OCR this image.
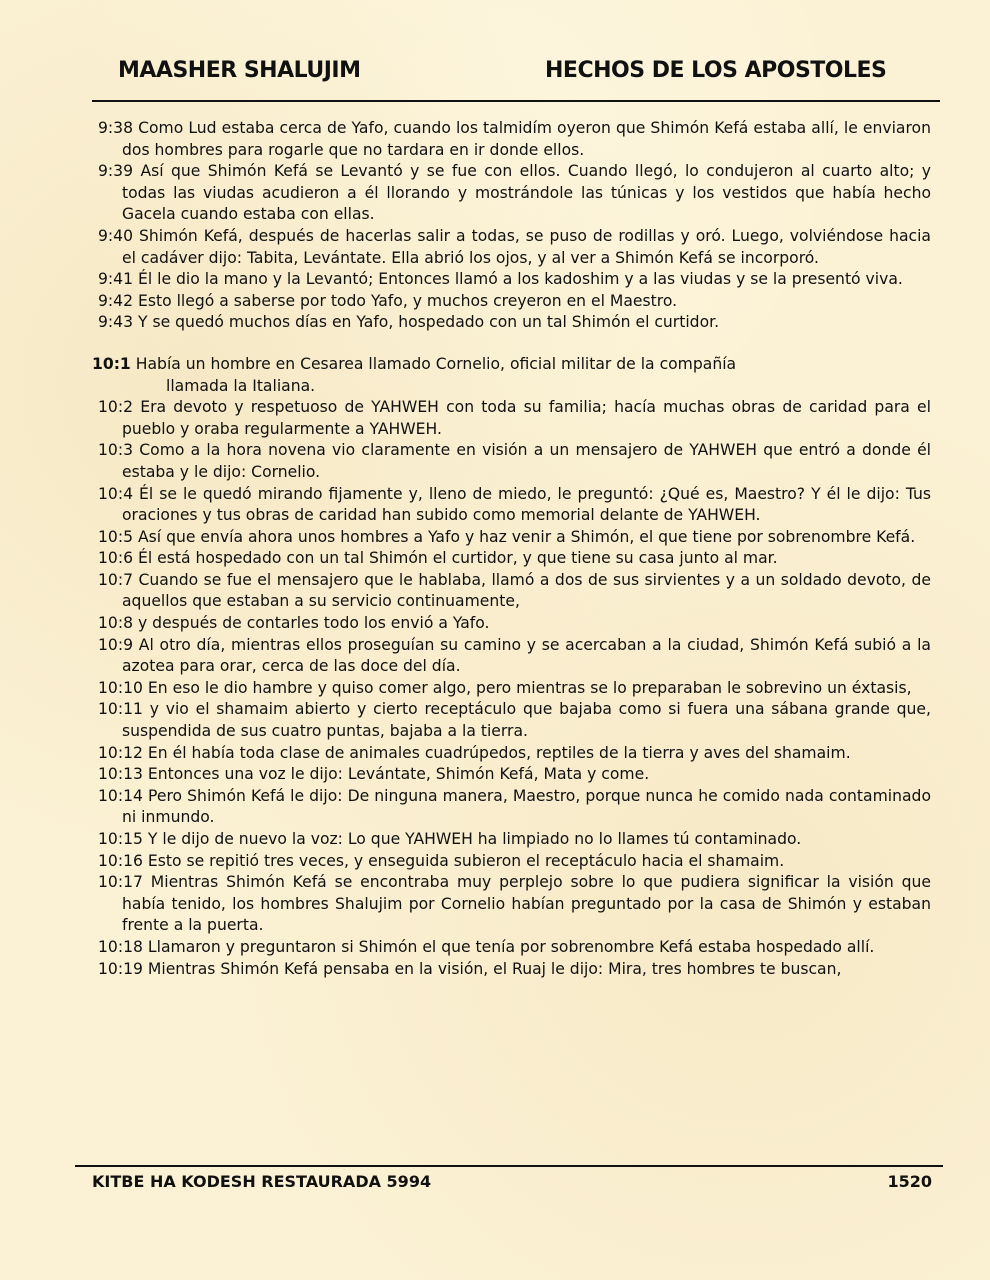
MAASHER SHALUJIM	HECHOS DE LOS APOSTOLES
9:38 Como Lud estaba cerca de Yafo, cuando los talmidím oyeron que Shimón Kefá estaba allí, le enviaron dos hombres para rogarle que no tardara en ir donde ellos.
9:39 Así que Shimón Kefá se Levantó y se fue con ellos. Cuando llegó, lo condujeron al cuarto alto; y todas las viudas acudieron a él llorando y mostrándole las túnicas y los vestidos que había hecho Gacela cuando estaba con ellas.
9:40 Shimón Kefá, después de hacerlas salir a todas, se puso de rodillas y oró. Luego, volviéndose hacia el cadáver dijo: Tabita, Levántate. Ella abrió los ojos, y al ver a Shimón Kefá se incorporó.
9:41 Él le dio la mano y la Levantó; Entonces llamó a los kadoshim y a las viudas y se la presentó viva.
9:42 Esto llegó a saberse por todo Yafo, y muchos creyeron en el Maestro.
9:43 Y se quedó muchos días en Yafo, hospedado con un tal Shimón el curtidor.
10:1 Había un hombre en Cesarea llamado Cornelio, oficial militar de la compañía
llamada la Italiana.
10:2 Era devoto y respetuoso de YAHWEH con toda su familia; hacía muchas obras de caridad para el pueblo y oraba regularmente a YAHWEH.
10:3 Como a la hora novena vio claramente en visión a un mensajero de YAHWEH que entró a donde él estaba y le dijo: Cornelio.
10:4 Él se le quedó mirando fijamente y, lleno de miedo, le preguntó: ¿Qué es, Maestro? Y él le dijo: Tus oraciones y tus obras de caridad han subido como memorial delante de YAHWEH.
10:5 Así que envía ahora unos hombres a Yafo y haz venir a Shimón, el que tiene por sobrenombre Kefá.
10:6 Él está hospedado con un tal Shimón el curtidor, y que tiene su casa junto al mar.
10:7 Cuando se fue el mensajero que le hablaba, llamó a dos de sus sirvientes y a un soldado devoto, de aquellos que estaban a su servicio continuamente,
10:8 y después de contarles todo los envió a Yafo.
10:9 Al otro día, mientras ellos proseguían su camino y se acercaban a la ciudad, Shimón Kefá subió a la azotea para orar, cerca de las doce del día.
10:10 En eso le dio hambre y quiso comer algo, pero mientras se lo preparaban le sobrevino un éxtasis,
10:11 y vio el shamaim abierto y cierto receptáculo que bajaba como si fuera una sábana grande que, suspendida de sus cuatro puntas, bajaba a la tierra.
10:12 En él había toda clase de animales cuadrúpedos, reptiles de la tierra y aves del shamaim.
10:13 Entonces una voz le dijo: Levántate, Shimón Kefá, Mata y come.
10:14 Pero Shimón Kefá le dijo: De ninguna manera, Maestro, porque nunca he comido nada contaminado ni inmundo.
10:15 Y le dijo de nuevo la voz: Lo que YAHWEH ha limpiado no lo llames tú contaminado.
10:16 Esto se repitió tres veces, y enseguida subieron el receptáculo hacia el shamaim.
10:17 Mientras Shimón Kefá se encontraba muy perplejo sobre lo que pudiera significar la visión que había tenido, los hombres Shalujim por Cornelio habían preguntado por la casa de Shimón y estaban frente a la puerta.
10:18 Llamaron y preguntaron si Shimón el que tenía por sobrenombre Kefá estaba hospedado allí.
10:19 Mientras Shimón Kefá pensaba en la visión, el Ruaj le dijo: Mira, tres hombres te buscan,
KITBE HA KODESH RESTAURADA 5994	1520
